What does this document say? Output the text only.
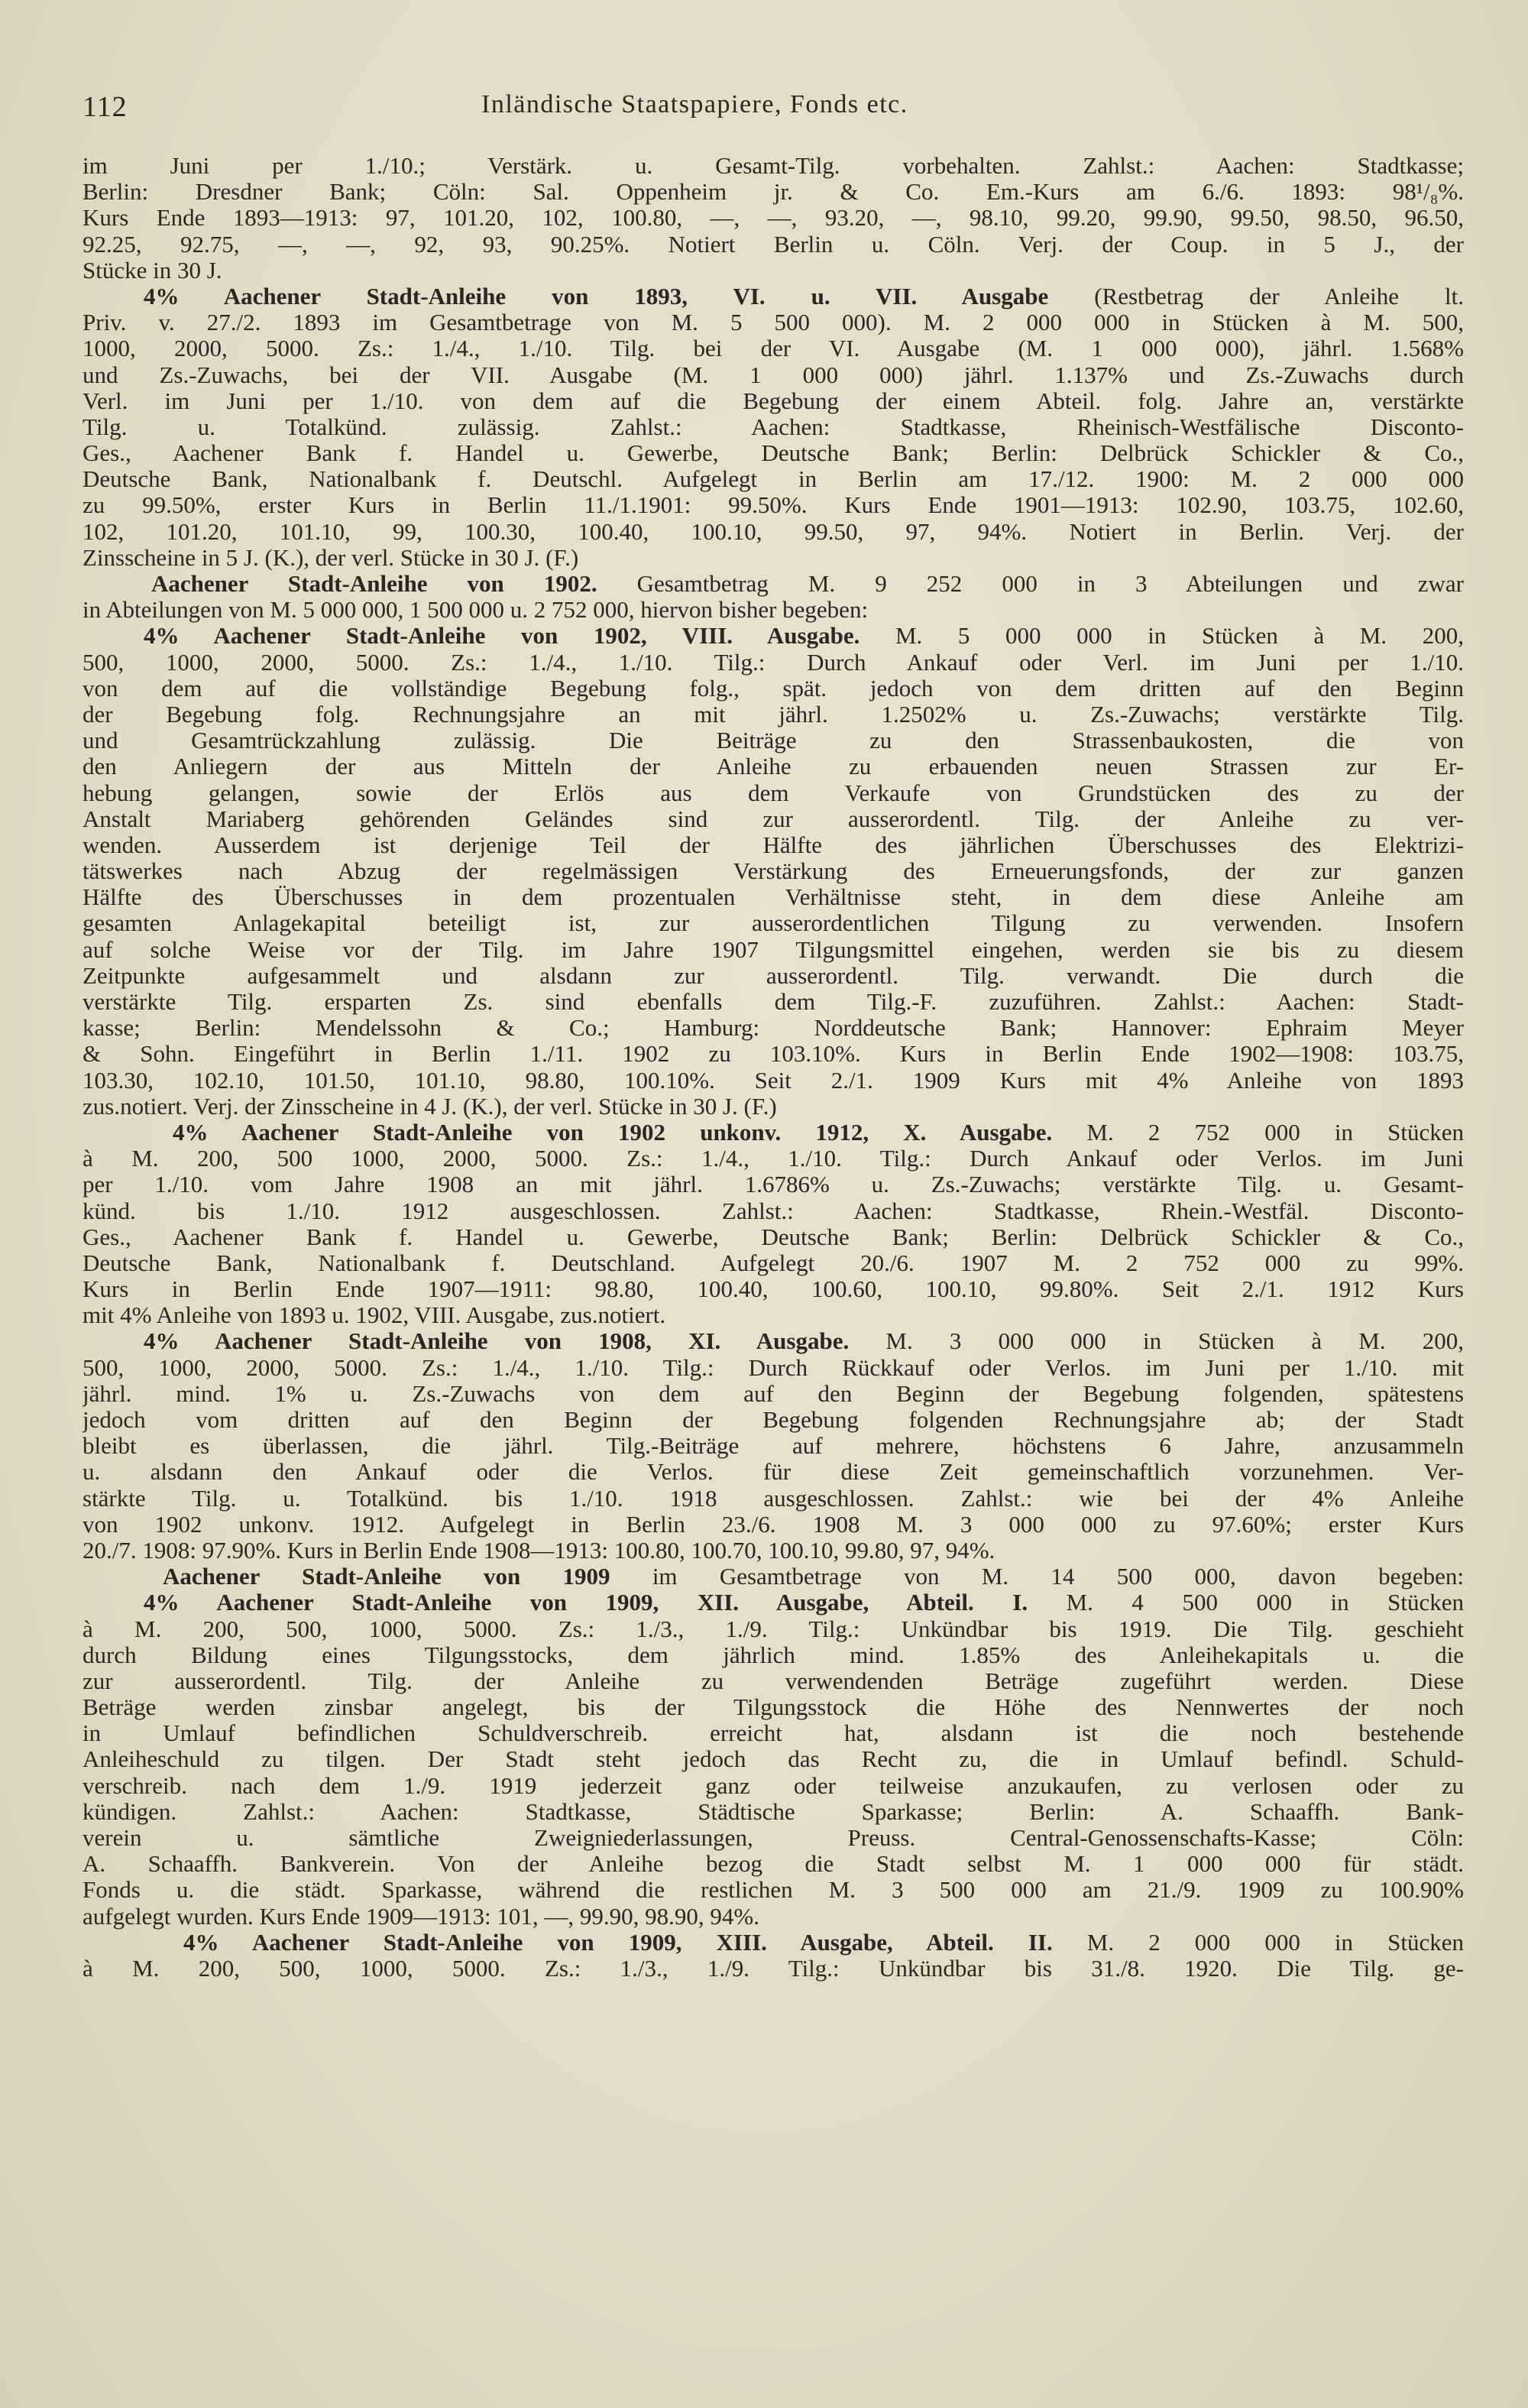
112	Inländische Staatspapiere, Fonds etc.
im Juni per 1./10.; Verstärk. u. Gesamt-Tilg. vorbehalten. Zahlst.: Aachen: Stadtkasse;
Berlin: Dresdner Bank; Cöln: Sal. Oppenheim jr. & Co. Em.-Kurs am 6./6. 1893: 98¹/₈%.
Kurs Ende 1893—1913: 97, 101.20, 102, 100.80, —, —, 93.20, —, 98.10, 99.20, 99.90, 99.50, 98.50, 96.50,
92.25, 92.75, —, —, 92, 93, 90.25%. Notiert Berlin u. Cöln. Verj. der Coup. in 5 J., der
Stücke in 30 J.
4% Aachener Stadt-Anleihe von 1893, VI. u. VII. Ausgabe (Restbetrag der Anleihe lt.
Priv. v. 27./2. 1893 im Gesamtbetrage von M. 5 500 000). M. 2 000 000 in Stücken à M. 500,
1000, 2000, 5000. Zs.: 1./4., 1./10. Tilg. bei der VI. Ausgabe (M. 1 000 000), jährl. 1.568%
und Zs.-Zuwachs, bei der VII. Ausgabe (M. 1 000 000) jährl. 1.137% und Zs.-Zuwachs durch
Verl. im Juni per 1./10. von dem auf die Begebung der einem Abteil. folg. Jahre an, verstärkte
Tilg. u. Totalkünd. zulässig. Zahlst.: Aachen: Stadtkasse, Rheinisch-Westfälische Disconto-
Ges., Aachener Bank f. Handel u. Gewerbe, Deutsche Bank; Berlin: Delbrück Schickler & Co.,
Deutsche Bank, Nationalbank f. Deutschl. Aufgelegt in Berlin am 17./12. 1900: M. 2 000 000
zu 99.50%, erster Kurs in Berlin 11./1.1901: 99.50%. Kurs Ende 1901—1913: 102.90, 103.75, 102.60,
102, 101.20, 101.10, 99, 100.30, 100.40, 100.10, 99.50, 97, 94%. Notiert in Berlin. Verj. der
Zinsscheine in 5 J. (K.), der verl. Stücke in 30 J. (F.)
Aachener Stadt-Anleihe von 1902. Gesamtbetrag M. 9 252 000 in 3 Abteilungen und zwar
in Abteilungen von M. 5 000 000, 1 500 000 u. 2 752 000, hiervon bisher begeben:
4% Aachener Stadt-Anleihe von 1902, VIII. Ausgabe. M. 5 000 000 in Stücken à M. 200,
500, 1000, 2000, 5000. Zs.: 1./4., 1./10. Tilg.: Durch Ankauf oder Verl. im Juni per 1./10.
von dem auf die vollständige Begebung folg., spät. jedoch von dem dritten auf den Beginn
der Begebung folg. Rechnungsjahre an mit jährl. 1.2502% u. Zs.-Zuwachs; verstärkte Tilg.
und Gesamtrückzahlung zulässig. Die Beiträge zu den Strassenbaukosten, die von
den Anliegern der aus Mitteln der Anleihe zu erbauenden neuen Strassen zur Er-
hebung gelangen, sowie der Erlös aus dem Verkaufe von Grundstücken des zu der
Anstalt Mariaberg gehörenden Geländes sind zur ausserordentl. Tilg. der Anleihe zu ver-
wenden. Ausserdem ist derjenige Teil der Hälfte des jährlichen Überschusses des Elektrizi-
tätswerkes nach Abzug der regelmässigen Verstärkung des Erneuerungsfonds, der zur ganzen
Hälfte des Überschusses in dem prozentualen Verhältnisse steht, in dem diese Anleihe am
gesamten Anlagekapital beteiligt ist, zur ausserordentlichen Tilgung zu verwenden. Insofern
auf solche Weise vor der Tilg. im Jahre 1907 Tilgungsmittel eingehen, werden sie bis zu diesem
Zeitpunkte aufgesammelt und alsdann zur ausserordentl. Tilg. verwandt. Die durch die
verstärkte Tilg. ersparten Zs. sind ebenfalls dem Tilg.-F. zuzuführen. Zahlst.: Aachen: Stadt-
kasse; Berlin: Mendelssohn & Co.; Hamburg: Norddeutsche Bank; Hannover: Ephraim Meyer
& Sohn. Eingeführt in Berlin 1./11. 1902 zu 103.10%. Kurs in Berlin Ende 1902—1908: 103.75,
103.30, 102.10, 101.50, 101.10, 98.80, 100.10%. Seit 2./1. 1909 Kurs mit 4% Anleihe von 1893
zus.notiert. Verj. der Zinsscheine in 4 J. (K.), der verl. Stücke in 30 J. (F.)
4% Aachener Stadt-Anleihe von 1902 unkonv. 1912, X. Ausgabe. M. 2 752 000 in Stücken
à M. 200, 500 1000, 2000, 5000. Zs.: 1./4., 1./10. Tilg.: Durch Ankauf oder Verlos. im Juni
per 1./10. vom Jahre 1908 an mit jährl. 1.6786% u. Zs.-Zuwachs; verstärkte Tilg. u. Gesamt-
künd. bis 1./10. 1912 ausgeschlossen. Zahlst.: Aachen: Stadtkasse, Rhein.-Westfäl. Disconto-
Ges., Aachener Bank f. Handel u. Gewerbe, Deutsche Bank; Berlin: Delbrück Schickler & Co.,
Deutsche Bank, Nationalbank f. Deutschland. Aufgelegt 20./6. 1907 M. 2 752 000 zu 99%.
Kurs in Berlin Ende 1907—1911: 98.80, 100.40, 100.60, 100.10, 99.80%. Seit 2./1. 1912 Kurs
mit 4% Anleihe von 1893 u. 1902, VIII. Ausgabe, zus.notiert.
4% Aachener Stadt-Anleihe von 1908, XI. Ausgabe. M. 3 000 000 in Stücken à M. 200,
500, 1000, 2000, 5000. Zs.: 1./4., 1./10. Tilg.: Durch Rückkauf oder Verlos. im Juni per 1./10. mit
jährl. mind. 1% u. Zs.-Zuwachs von dem auf den Beginn der Begebung folgenden, spätestens
jedoch vom dritten auf den Beginn der Begebung folgenden Rechnungsjahre ab; der Stadt
bleibt es überlassen, die jährl. Tilg.-Beiträge auf mehrere, höchstens 6 Jahre, anzusammeln
u. alsdann den Ankauf oder die Verlos. für diese Zeit gemeinschaftlich vorzunehmen. Ver-
stärkte Tilg. u. Totalkünd. bis 1./10. 1918 ausgeschlossen. Zahlst.: wie bei der 4% Anleihe
von 1902 unkonv. 1912. Aufgelegt in Berlin 23./6. 1908 M. 3 000 000 zu 97.60%; erster Kurs
20./7. 1908: 97.90%. Kurs in Berlin Ende 1908—1913: 100.80, 100.70, 100.10, 99.80, 97, 94%.
Aachener Stadt-Anleihe von 1909 im Gesamtbetrage von M. 14 500 000, davon begeben:
4% Aachener Stadt-Anleihe von 1909, XII. Ausgabe, Abteil. I. M. 4 500 000 in Stücken
à M. 200, 500, 1000, 5000. Zs.: 1./3., 1./9. Tilg.: Unkündbar bis 1919. Die Tilg. geschieht
durch Bildung eines Tilgungsstocks, dem jährlich mind. 1.85% des Anleihekapitals u. die
zur ausserordentl. Tilg. der Anleihe zu verwendenden Beträge zugeführt werden. Diese
Beträge werden zinsbar angelegt, bis der Tilgungsstock die Höhe des Nennwertes der noch
in Umlauf befindlichen Schuldverschreib. erreicht hat, alsdann ist die noch bestehende
Anleiheschuld zu tilgen. Der Stadt steht jedoch das Recht zu, die in Umlauf befindl. Schuld-
verschreib. nach dem 1./9. 1919 jederzeit ganz oder teilweise anzukaufen, zu verlosen oder zu
kündigen. Zahlst.: Aachen: Stadtkasse, Städtische Sparkasse; Berlin: A. Schaaffh. Bank-
verein u. sämtliche Zweigniederlassungen, Preuss. Central-Genossenschafts-Kasse; Cöln:
A. Schaaffh. Bankverein. Von der Anleihe bezog die Stadt selbst M. 1 000 000 für städt.
Fonds u. die städt. Sparkasse, während die restlichen M. 3 500 000 am 21./9. 1909 zu 100.90%
aufgelegt wurden. Kurs Ende 1909—1913: 101, —, 99.90, 98.90, 94%.
4% Aachener Stadt-Anleihe von 1909, XIII. Ausgabe, Abteil. II. M. 2 000 000 in Stücken
à M. 200, 500, 1000, 5000. Zs.: 1./3., 1./9. Tilg.: Unkündbar bis 31./8. 1920. Die Tilg. ge-
